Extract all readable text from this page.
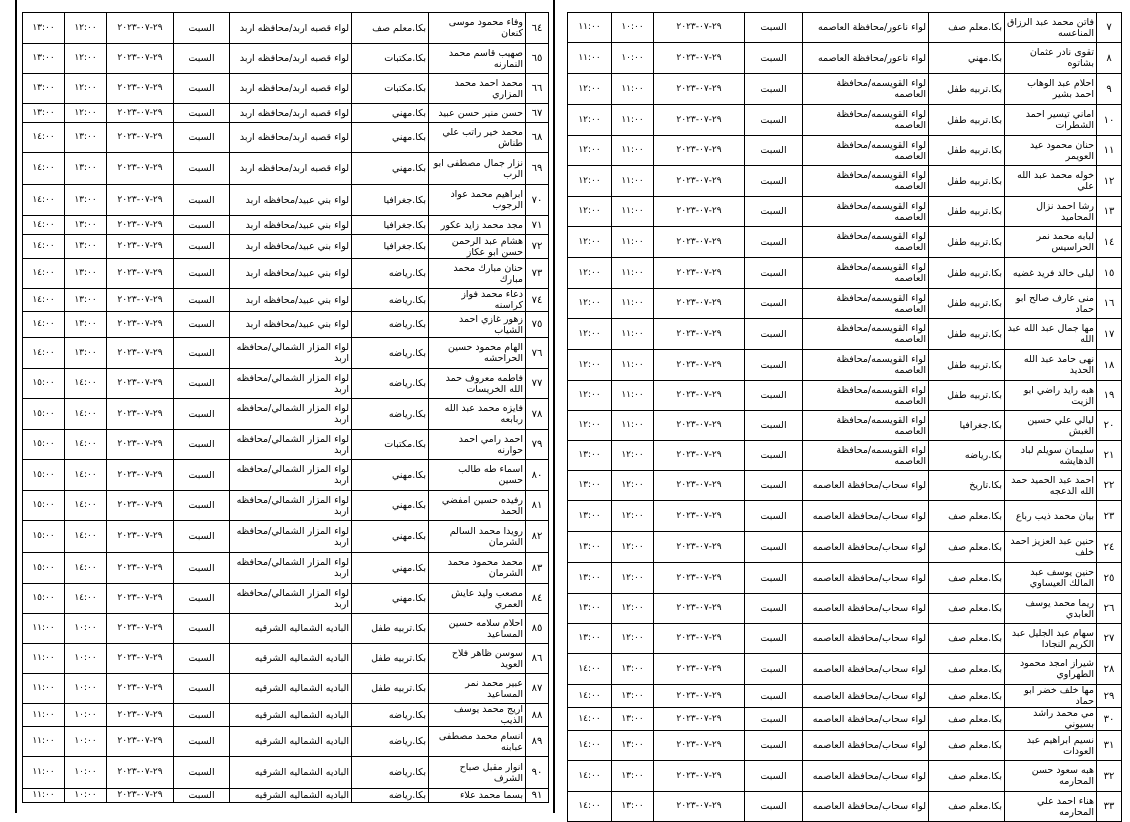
٦٤	وفاء محمود موسى كنعان	بكا.معلم صف	لواء قصبه اربد/محافظه اربد	السبت	٢٩-٠٧-٢٠٢٣	١٢:٠٠	١٣:٠٠
٦٥	صهيب قاسم محمد النمارنه	بكا.مكتبات	لواء قصبه اربد/محافظه اربد	السبت	٢٩-٠٧-٢٠٢٣	١٢:٠٠	١٣:٠٠
٦٦	محمد احمد محمد المزاري	بكا.مكتبات	لواء قصبه اربد/محافظه اربد	السبت	٢٩-٠٧-٢٠٢٣	١٢:٠٠	١٣:٠٠
٦٧	حسن منير حسن عبيد	بكا.مهني	لواء قصبه اربد/محافظه اربد	السبت	٢٩-٠٧-٢٠٢٣	١٢:٠٠	١٣:٠٠
٦٨	محمد خير راتب علي طناش	بكا.مهني	لواء قصبه اربد/محافظه اربد	السبت	٢٩-٠٧-٢٠٢٣	١٣:٠٠	١٤:٠٠
٦٩	نزار جمال مصطفى ابو الرب	بكا.مهني	لواء قصبه اربد/محافظه اربد	السبت	٢٩-٠٧-٢٠٢٣	١٣:٠٠	١٤:٠٠
٧٠	ابراهيم محمد عواد الرجوب	بكا.جغرافيا	لواء بني عبيد/محافظه اربد	السبت	٢٩-٠٧-٢٠٢٣	١٣:٠٠	١٤:٠٠
٧١	مجد محمد زايد عكور	بكا.جغرافيا	لواء بني عبيد/محافظه اربد	السبت	٢٩-٠٧-٢٠٢٣	١٣:٠٠	١٤:٠٠
٧٢	هشام عبد الرحمن حسن ابو عكاز	بكا.جغرافيا	لواء بني عبيد/محافظه اربد	السبت	٢٩-٠٧-٢٠٢٣	١٣:٠٠	١٤:٠٠
٧٣	حنان مبارك محمد مبارك	بكا.رياضه	لواء بني عبيد/محافظه اربد	السبت	٢٩-٠٧-٢٠٢٣	١٣:٠٠	١٤:٠٠
٧٤	دعاء محمد فواز كراسنه	بكا.رياضه	لواء بني عبيد/محافظه اربد	السبت	٢٩-٠٧-٢٠٢٣	١٣:٠٠	١٤:٠٠
٧٥	زهور غازي احمد الشياب	بكا.رياضه	لواء بني عبيد/محافظه اربد	السبت	٢٩-٠٧-٢٠٢٣	١٣:٠٠	١٤:٠٠
٧٦	الهام محمود حسين الحراحشه	بكا.رياضه	لواء المزار الشمالي/محافظه اربد	السبت	٢٩-٠٧-٢٠٢٣	١٣:٠٠	١٤:٠٠
٧٧	فاطمه معروف حمد الله الخريسات	بكا.رياضه	لواء المزار الشمالي/محافظه اربد	السبت	٢٩-٠٧-٢٠٢٣	١٤:٠٠	١٥:٠٠
٧٨	فايزه محمد عبد الله ربابعه	بكا.رياضه	لواء المزار الشمالي/محافظه اربد	السبت	٢٩-٠٧-٢٠٢٣	١٤:٠٠	١٥:٠٠
٧٩	احمد رامي احمد حوارنه	بكا.مكتبات	لواء المزار الشمالي/محافظه اربد	السبت	٢٩-٠٧-٢٠٢٣	١٤:٠٠	١٥:٠٠
٨٠	اسماء طه طالب حسين	بكا.مهني	لواء المزار الشمالي/محافظه اربد	السبت	٢٩-٠٧-٢٠٢٣	١٤:٠٠	١٥:٠٠
٨١	رفيده حسين امفضي الحمد	بكا.مهني	لواء المزار الشمالي/محافظه اربد	السبت	٢٩-٠٧-٢٠٢٣	١٤:٠٠	١٥:٠٠
٨٢	رويدا محمد السالم الشرمان	بكا.مهني	لواء المزار الشمالي/محافظه اربد	السبت	٢٩-٠٧-٢٠٢٣	١٤:٠٠	١٥:٠٠
٨٣	محمد محمود محمد الشرمان	بكا.مهني	لواء المزار الشمالي/محافظه اربد	السبت	٢٩-٠٧-٢٠٢٣	١٤:٠٠	١٥:٠٠
٨٤	مصعب وليد عايش العمري	بكا.مهني	لواء المزار الشمالي/محافظه اربد	السبت	٢٩-٠٧-٢٠٢٣	١٤:٠٠	١٥:٠٠
٨٥	احلام سلامه حسين المساعيد	بكا.تربيه طفل	الباديه الشماليه الشرقيه	السبت	٢٩-٠٧-٢٠٢٣	١٠:٠٠	١١:٠٠
٨٦	سوسن ظاهر فلاح العويد	بكا.تربيه طفل	الباديه الشماليه الشرقيه	السبت	٢٩-٠٧-٢٠٢٣	١٠:٠٠	١١:٠٠
٨٧	عبير محمد نمر المساعيد	بكا.تربيه طفل	الباديه الشماليه الشرقيه	السبت	٢٩-٠٧-٢٠٢٣	١٠:٠٠	١١:٠٠
٨٨	اريج محمد يوسف الذيب	بكا.رياضه	الباديه الشماليه الشرقيه	السبت	٢٩-٠٧-٢٠٢٣	١٠:٠٠	١١:٠٠
٨٩	انسام محمد مصطفى عبابنه	بكا.رياضه	الباديه الشماليه الشرقيه	السبت	٢٩-٠٧-٢٠٢٣	١٠:٠٠	١١:٠٠
٩٠	انوار مقبل صباح الشرف	بكا.رياضه	الباديه الشماليه الشرقيه	السبت	٢٩-٠٧-٢٠٢٣	١٠:٠٠	١١:٠٠
٩١	بسما محمد علاء	بكا.رياضه	الباديه الشماليه الشرقيه	السبت	٢٩-٠٧-٢٠٢٣	١٠:٠٠	١١:٠٠
٧	فاتن محمد عبد الرزاق المناعسه	بكا.معلم صف	لواء ناعور/محافظة العاصمه	السبت	٢٩-٠٧-٢٠٢٣	١٠:٠٠	١١:٠٠
٨	تقوى نادر عثمان بشاتوه	بكا.مهني	لواء ناعور/محافظة العاصمه	السبت	٢٩-٠٧-٢٠٢٣	١٠:٠٠	١١:٠٠
٩	احلام عبد الوهاب احمد بشير	بكا.تربيه طفل	لواء القويسمه/محافظة العاصمه	السبت	٢٩-٠٧-٢٠٢٣	١١:٠٠	١٢:٠٠
١٠	اماني تيسير احمد الشطرات	بكا.تربيه طفل	لواء القويسمه/محافظة العاصمه	السبت	٢٩-٠٧-٢٠٢٣	١١:٠٠	١٢:٠٠
١١	حنان محمود عيد العويمر	بكا.تربيه طفل	لواء القويسمه/محافظة العاصمه	السبت	٢٩-٠٧-٢٠٢٣	١١:٠٠	١٢:٠٠
١٢	خوله محمد عبد الله علي	بكا.تربيه طفل	لواء القويسمه/محافظة العاصمه	السبت	٢٩-٠٧-٢٠٢٣	١١:٠٠	١٢:٠٠
١٣	رشا احمد نزال المحاميد	بكا.تربيه طفل	لواء القويسمه/محافظة العاصمه	السبت	٢٩-٠٧-٢٠٢٣	١١:٠٠	١٢:٠٠
١٤	لبابه محمد نمر الحراسيس	بكا.تربيه طفل	لواء القويسمه/محافظة العاصمه	السبت	٢٩-٠٧-٢٠٢٣	١١:٠٠	١٢:٠٠
١٥	ليلى خالد فريد غضيه	بكا.تربيه طفل	لواء القويسمه/محافظة العاصمه	السبت	٢٩-٠٧-٢٠٢٣	١١:٠٠	١٢:٠٠
١٦	منى عارف صالح ابو حماد	بكا.تربيه طفل	لواء القويسمه/محافظة العاصمه	السبت	٢٩-٠٧-٢٠٢٣	١١:٠٠	١٢:٠٠
١٧	مها جمال عبد الله عبد الله	بكا.تربيه طفل	لواء القويسمه/محافظة العاصمه	السبت	٢٩-٠٧-٢٠٢٣	١١:٠٠	١٢:٠٠
١٨	نهى حامد عبد الله الحديد	بكا.تربيه طفل	لواء القويسمه/محافظة العاصمه	السبت	٢٩-٠٧-٢٠٢٣	١١:٠٠	١٢:٠٠
١٩	هبه رايد راضي ابو الزيت	بكا.تربيه طفل	لواء القويسمه/محافظة العاصمه	السبت	٢٩-٠٧-٢٠٢٣	١١:٠٠	١٢:٠٠
٢٠	ليالي علي حسين الغبش	بكا.جغرافيا	لواء القويسمه/محافظة العاصمه	السبت	٢٩-٠٧-٢٠٢٣	١١:٠٠	١٢:٠٠
٢١	سليمان سويلم لباد الدهايشه	بكا.رياضه	لواء القويسمه/محافظة العاصمه	السبت	٢٩-٠٧-٢٠٢٣	١٢:٠٠	١٣:٠٠
٢٢	احمد عبد الحميد حمد الله الدعجه	بكا.تاريخ	لواء سحاب/محافظة العاصمه	السبت	٢٩-٠٧-٢٠٢٣	١٢:٠٠	١٣:٠٠
٢٣	بيان محمد ذيب رباع	بكا.معلم صف	لواء سحاب/محافظة العاصمه	السبت	٢٩-٠٧-٢٠٢٣	١٢:٠٠	١٣:٠٠
٢٤	حنين عبد العزيز احمد خلف	بكا.معلم صف	لواء سحاب/محافظة العاصمه	السبت	٢٩-٠٧-٢٠٢٣	١٢:٠٠	١٣:٠٠
٢٥	حنين يوسف عبد المالك العيساوي	بكا.معلم صف	لواء سحاب/محافظة العاصمه	السبت	٢٩-٠٧-٢٠٢٣	١٢:٠٠	١٣:٠٠
٢٦	ريما محمد يوسف العابدي	بكا.معلم صف	لواء سحاب/محافظة العاصمه	السبت	٢٩-٠٧-٢٠٢٣	١٢:٠٠	١٣:٠٠
٢٧	سهام عبد الجليل عبد الكريم النجادا	بكا.معلم صف	لواء سحاب/محافظة العاصمه	السبت	٢٩-٠٧-٢٠٢٣	١٢:٠٠	١٣:٠٠
٢٨	شيراز امجد محمود الطهراوي	بكا.معلم صف	لواء سحاب/محافظة العاصمه	السبت	٢٩-٠٧-٢٠٢٣	١٣:٠٠	١٤:٠٠
٢٩	مها خلف خضر ابو حماد	بكا.معلم صف	لواء سحاب/محافظة العاصمه	السبت	٢٩-٠٧-٢٠٢٣	١٣:٠٠	١٤:٠٠
٣٠	مي محمد راشد بسيوني	بكا.معلم صف	لواء سحاب/محافظة العاصمه	السبت	٢٩-٠٧-٢٠٢٣	١٣:٠٠	١٤:٠٠
٣١	نسيم ابراهيم عبد العودات	بكا.معلم صف	لواء سحاب/محافظة العاصمه	السبت	٢٩-٠٧-٢٠٢٣	١٣:٠٠	١٤:٠٠
٣٢	هبه سعود حسن المحارمه	بكا.معلم صف	لواء سحاب/محافظة العاصمه	السبت	٢٩-٠٧-٢٠٢٣	١٣:٠٠	١٤:٠٠
٣٣	هناء احمد علي المحارمه	بكا.معلم صف	لواء سحاب/محافظة العاصمه	السبت	٢٩-٠٧-٢٠٢٣	١٣:٠٠	١٤:٠٠
